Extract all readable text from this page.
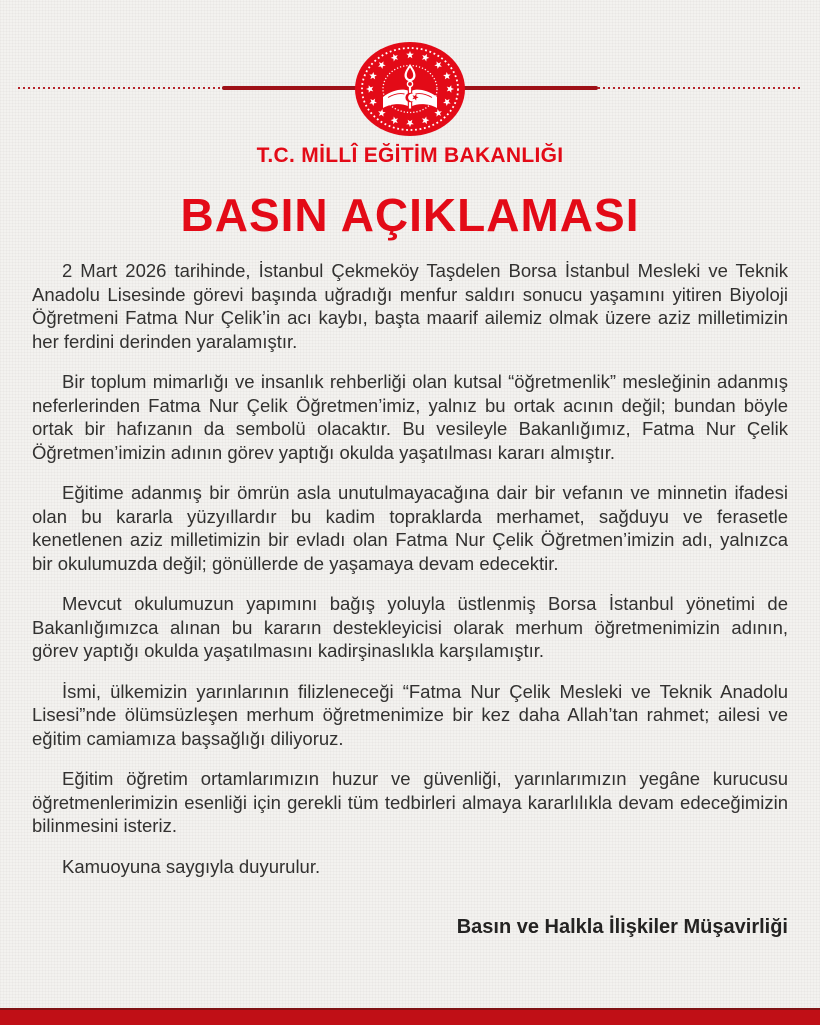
T.C. MİLLÎ EĞİTİM BAKANLIĞI
BASIN AÇIKLAMASI

2 Mart 2026 tarihinde, İstanbul Çekmeköy Taşdelen Borsa İstanbul Mesleki ve Teknik Anadolu Lisesinde görevi başında uğradığı menfur saldırı sonucu yaşamını yitiren Biyoloji Öğretmeni Fatma Nur Çelik’in acı kaybı, başta maarif ailemiz olmak üzere aziz milletimizin her ferdini derinden yaralamıştır.

Bir toplum mimarlığı ve insanlık rehberliği olan kutsal “öğretmenlik” mesleğinin adanmış neferlerinden Fatma Nur Çelik Öğretmen’imiz, yalnız bu ortak acının değil; bundan böyle ortak bir hafızanın da sembolü olacaktır. Bu vesileyle Bakanlığımız, Fatma Nur Çelik Öğretmen’imizin adının görev yaptığı okulda yaşatılması kararı almıştır.

Eğitime adanmış bir ömrün asla unutulmayacağına dair bir vefanın ve minnetin ifadesi olan bu kararla yüzyıllardır bu kadim topraklarda merhamet, sağduyu ve ferasetle kenetlenen aziz milletimizin bir evladı olan Fatma Nur Çelik Öğretmen’imizin adı, yalnızca bir okulumuzda değil; gönüllerde de yaşamaya devam edecektir.

Mevcut okulumuzun yapımını bağış yoluyla üstlenmiş Borsa İstanbul yönetimi de Bakanlığımızca alınan bu kararın destekleyicisi olarak merhum öğretmenimizin adının, görev yaptığı okulda yaşatılmasını kadirşinaslıkla karşılamıştır.

İsmi, ülkemizin yarınlarının filizleneceği “Fatma Nur Çelik Mesleki ve Teknik Anadolu Lisesi”nde ölümsüzleşen merhum öğretmenimize bir kez daha Allah’tan rahmet; ailesi ve eğitim camiamıza başsağlığı diliyoruz.

Eğitim öğretim ortamlarımızın huzur ve güvenliği, yarınlarımızın yegâne kurucusu öğretmenlerimizin esenliği için gerekli tüm tedbirleri almaya kararlılıkla devam edeceğimizin bilinmesini isteriz.

Kamuoyuna saygıyla duyurulur.

Basın ve Halkla İlişkiler Müşavirliği
